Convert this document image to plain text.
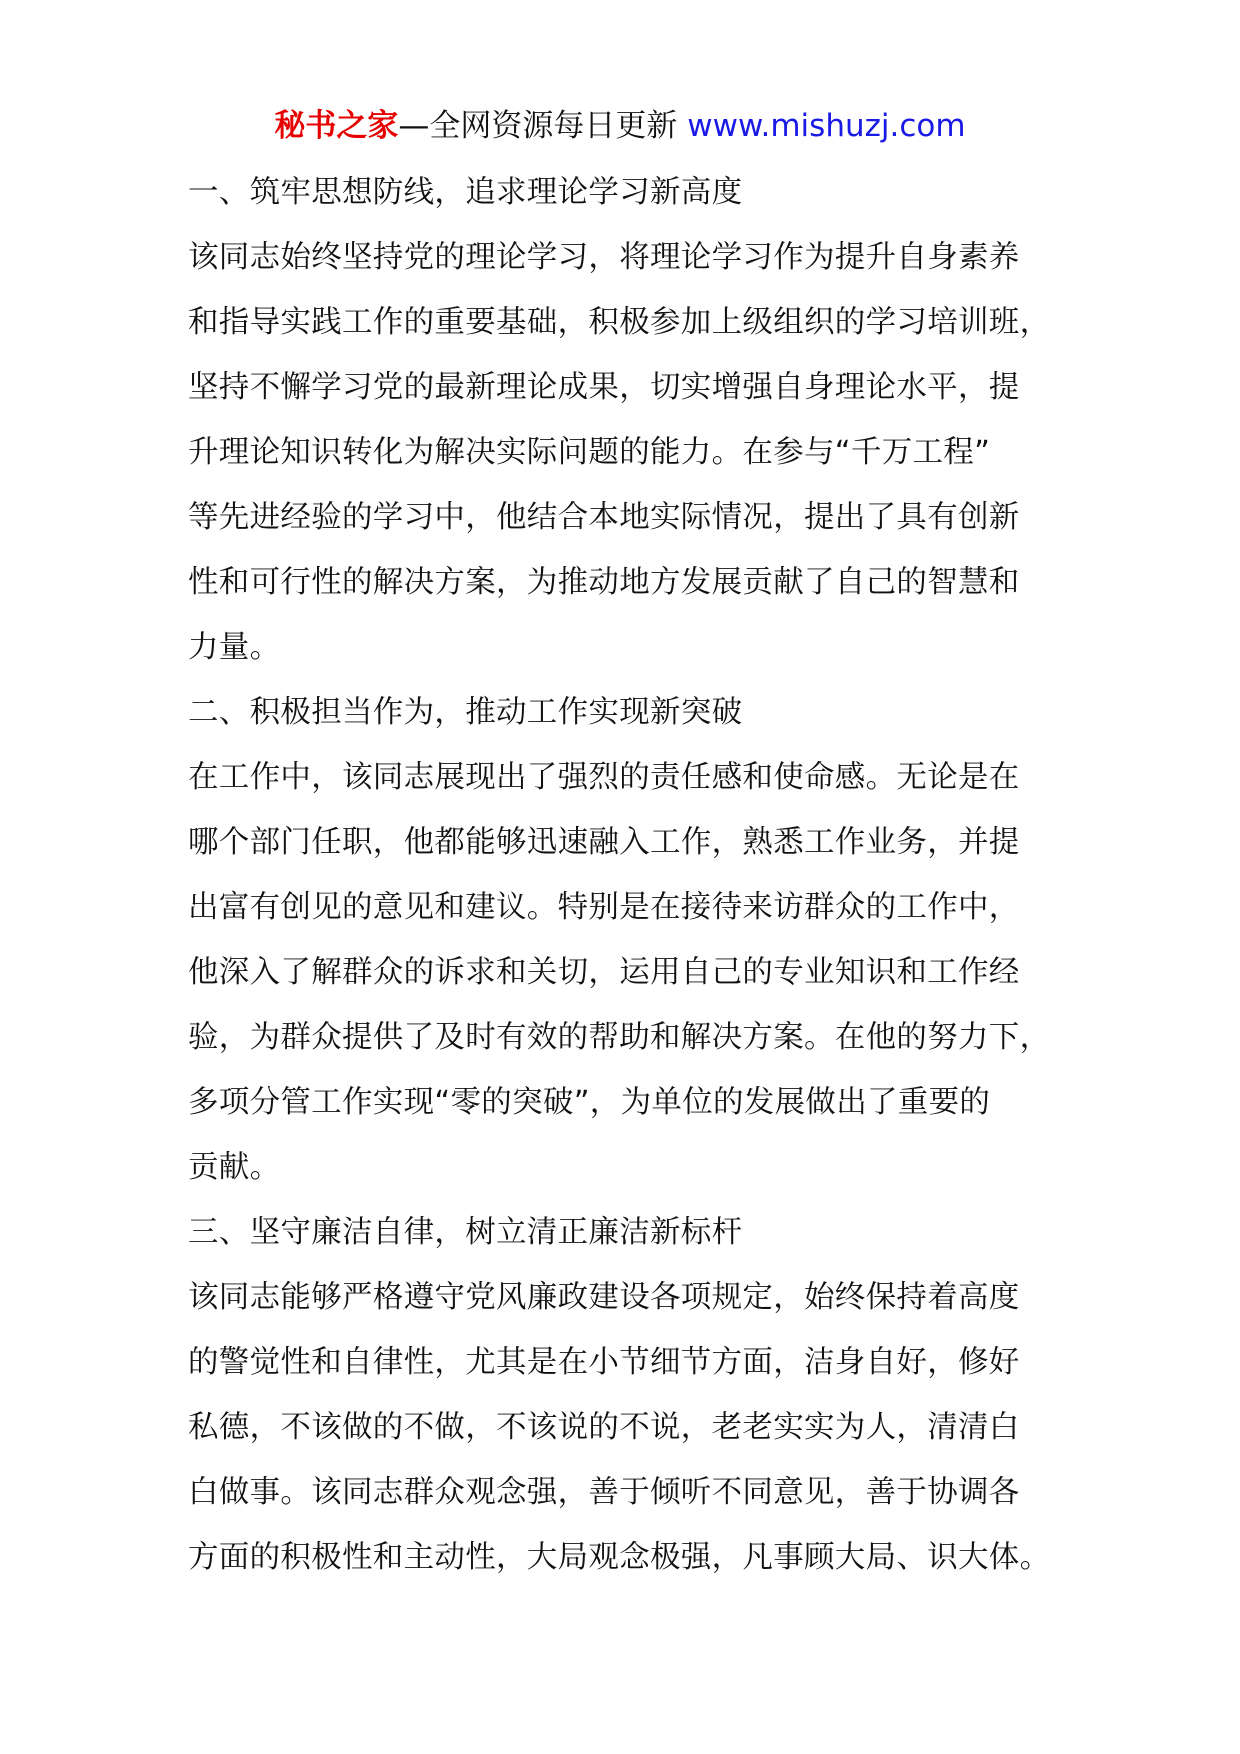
秘书之家—全网资源每日更新 www.mishuzj.com
一、筑牢思想防线，追求理论学习新高度
该同志始终坚持党的理论学习，将理论学习作为提升自身素养
和指导实践工作的重要基础，积极参加上级组织的学习培训班，
坚持不懈学习党的最新理论成果，切实增强自身理论水平，提
升理论知识转化为解决实际问题的能力。在参与“千万工程”
等先进经验的学习中，他结合本地实际情况，提出了具有创新
性和可行性的解决方案，为推动地方发展贡献了自己的智慧和
力量。
二、积极担当作为，推动工作实现新突破
在工作中，该同志展现出了强烈的责任感和使命感。无论是在
哪个部门任职，他都能够迅速融入工作，熟悉工作业务，并提
出富有创见的意见和建议。特别是在接待来访群众的工作中，
他深入了解群众的诉求和关切，运用自己的专业知识和工作经
验，为群众提供了及时有效的帮助和解决方案。在他的努力下，
多项分管工作实现“零的突破”，为单位的发展做出了重要的
贡献。
三、坚守廉洁自律，树立清正廉洁新标杆
该同志能够严格遵守党风廉政建设各项规定，始终保持着高度
的警觉性和自律性，尤其是在小节细节方面，洁身自好，修好
私德，不该做的不做，不该说的不说，老老实实为人，清清白
白做事。该同志群众观念强，善于倾听不同意见，善于协调各
方面的积极性和主动性，大局观念极强，凡事顾大局、识大体。
